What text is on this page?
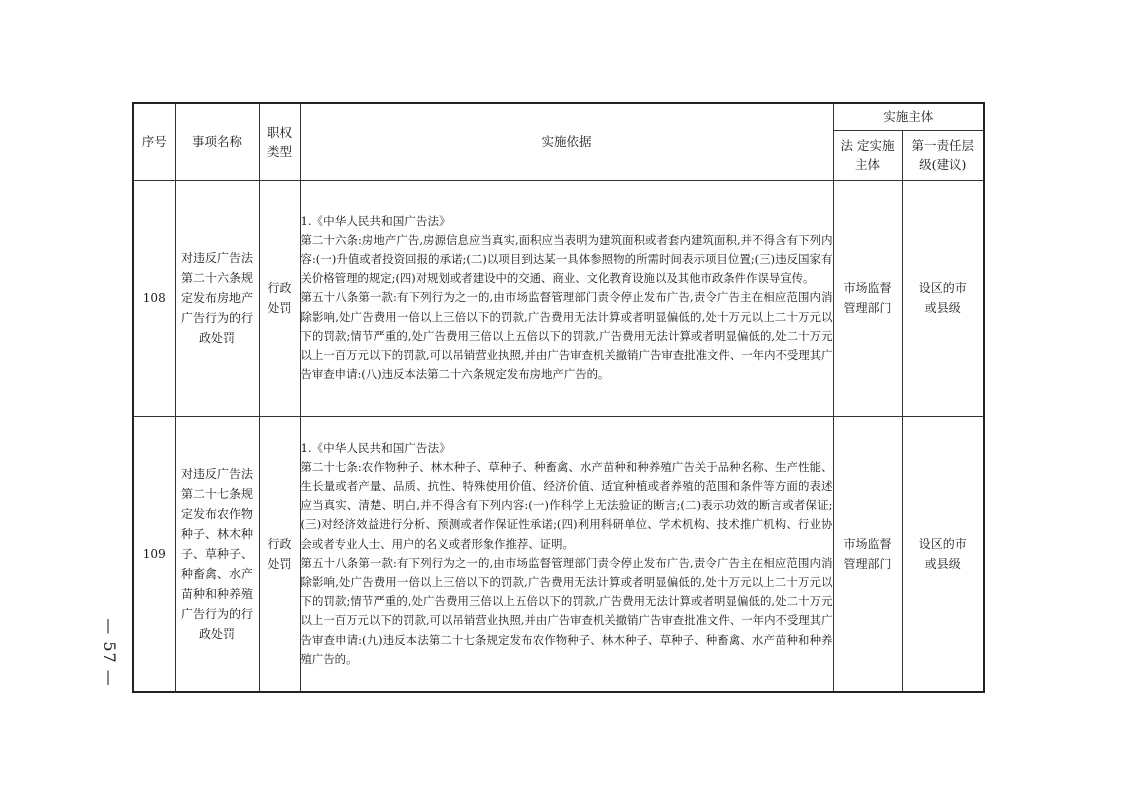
— 57 —
序号	事项名称	职权类型	实施依据	实施主体	
				法 定实施主体	第一责任层级(建议)
108	对违反广告法第二十六条规定发布房地产广告行为的行政处罚	行政处罚	1.《中华人民共和国广告法》
第二十六条:房地产广告,房源信息应当真实,面积应当表明为建筑面积或者套内建筑面积,并不得含有下列内容:(一)升值或者投资回报的承诺;(二)以项目到达某一具体参照物的所需时间表示项目位置;(三)违反国家有关价格管理的规定;(四)对规划或者建设中的交通、商业、文化教育设施以及其他市政条件作误导宣传。
第五十八条第一款:有下列行为之一的,由市场监督管理部门责令停止发布广告,责令广告主在相应范围内消除影响,处广告费用一倍以上三倍以下的罚款,广告费用无法计算或者明显偏低的,处十万元以上二十万元以下的罚款;情节严重的,处广告费用三倍以上五倍以下的罚款,广告费用无法计算或者明显偏低的,处二十万元以上一百万元以下的罚款,可以吊销营业执照,并由广告审查机关撤销广告审查批准文件、一年内不受理其广告审查申请:(八)违反本法第二十六条规定发布房地产广告的。	市场监督管理部门	设区的市或县级
109	对违反广告法第二十七条规定发布农作物种子、林木种子、草种子、种畜禽、水产苗种和种养殖广告行为的行政处罚	行政处罚	1.《中华人民共和国广告法》
第二十七条:农作物种子、林木种子、草种子、种畜禽、水产苗种和种养殖广告关于品种名称、生产性能、生长量或者产量、品质、抗性、特殊使用价值、经济价值、适宜种植或者养殖的范围和条件等方面的表述应当真实、清楚、明白,并不得含有下列内容:(一)作科学上无法验证的断言;(二)表示功效的断言或者保证;(三)对经济效益进行分析、预测或者作保证性承诺;(四)利用科研单位、学术机构、技术推广机构、行业协会或者专业人士、用户的名义或者形象作推荐、证明。
第五十八条第一款:有下列行为之一的,由市场监督管理部门责令停止发布广告,责令广告主在相应范围内消除影响,处广告费用一倍以上三倍以下的罚款,广告费用无法计算或者明显偏低的,处十万元以上二十万元以下的罚款;情节严重的,处广告费用三倍以上五倍以下的罚款,广告费用无法计算或者明显偏低的,处二十万元以上一百万元以下的罚款,可以吊销营业执照,并由广告审查机关撤销广告审查批准文件、一年内不受理其广告审查申请:(九)违反本法第二十七条规定发布农作物种子、林木种子、草种子、种畜禽、水产苗种和种养殖广告的。	市场监督管理部门	设区的市或县级
